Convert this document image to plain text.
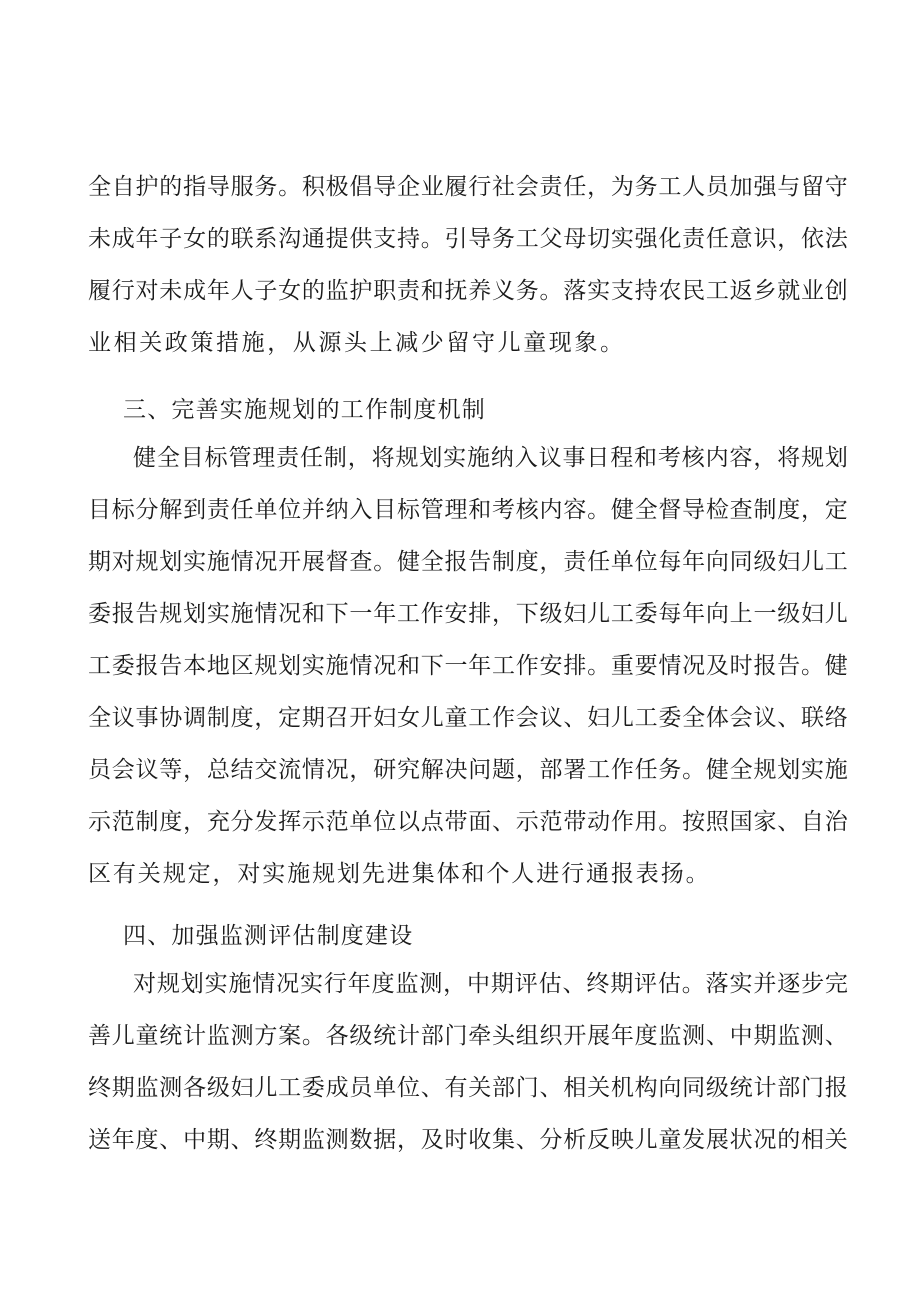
全 自 护 的 指 导 服 务 。 积 极 倡 导 企 业 履 行 社 会 责 任 ， 为 务 工 人 员 加 强 与 留 守
未 成 年 子 女 的 联 系 沟 通 提 供 支 持 。 引 导 务 工 父 母 切 实 强 化 责 任 意 识 ， 依 法
履 行 对 未 成 年 人 子 女 的 监 护 职 责 和 抚 养 义 务 。 落 实 支 持 农 民 工 返 乡 就 业 创
业相关政策措施，从源头上减少留守儿童现象。
三、完善实施规划的工作制度机制
健 全 目 标 管 理 责 任 制 ， 将 规 划 实 施 纳 入 议 事 日 程 和 考 核 内 容 ， 将 规 划
目 标 分 解 到 责 任 单 位 并 纳 入 目 标 管 理 和 考 核 内 容 。 健 全 督 导 检 查 制 度 ， 定
期 对 规 划 实 施 情 况 开 展 督 查 。 健 全 报 告 制 度 ， 责 任 单 位 每 年 向 同 级 妇 儿 工
委 报 告 规 划 实 施 情 况 和 下 一 年 工 作 安 排 ， 下 级 妇 儿 工 委 每 年 向 上 一 级 妇 儿
工 委 报 告 本 地 区 规 划 实 施 情 况 和 下 一 年 工 作 安 排 。 重 要 情 况 及 时 报 告 。 健
全 议 事 协 调 制 度 ， 定 期 召 开 妇 女 儿 童 工 作 会 议 、 妇 儿 工 委 全 体 会 议 、 联 络
员 会 议 等 ， 总 结 交 流 情 况 ， 研 究 解 决 问 题 ， 部 署 工 作 任 务 。 健 全 规 划 实 施
示 范 制 度 ， 充 分 发 挥 示 范 单 位 以 点 带 面 、 示 范 带 动 作 用 。 按 照 国 家 、 自 治
区有关规定，对实施规划先进集体和个人进行通报表扬。
四、加强监测评估制度建设
对 规 划 实 施 情 况 实 行 年 度 监 测 ， 中 期 评 估 、 终 期 评 估 。 落 实 并 逐 步 完
善 儿 童 统 计 监 测 方 案 。 各 级 统 计 部 门 牵 头 组 织 开 展 年 度 监 测 、 中 期 监 测 、
终 期 监 测 各 级 妇 儿 工 委 成 员 单 位 、 有 关 部 门 、 相 关 机 构 向 同 级 统 计 部 门 报
送 年 度 、 中 期 、 终 期 监 测 数 据 ， 及 时 收 集 、 分 析 反 映 儿 童 发 展 状 况 的 相 关
